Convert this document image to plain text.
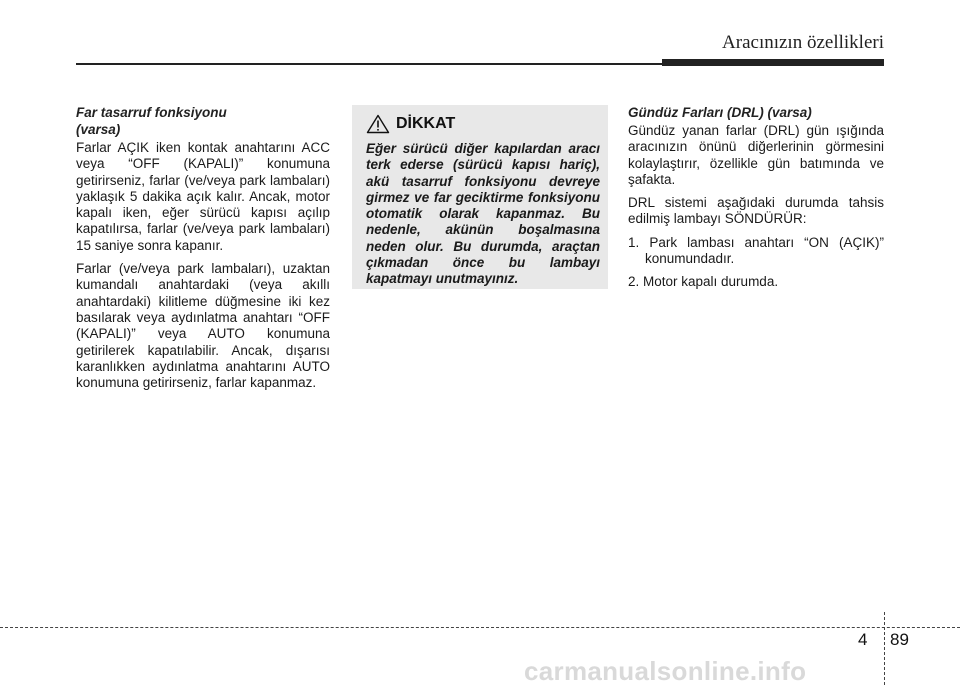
Aracınızın özellikleri
Far tasarruf fonksiyonu
(varsa)

Farlar AÇIK iken kontak anahtarını ACC veya “OFF (KAPALI)” konumuna getirirseniz, farlar (ve/veya park lambaları) yaklaşık 5 dakika açık kalır. Ancak, motor kapalı iken, eğer sürücü kapısı açılıp kapatılırsa, farlar (ve/veya park lambaları) 15 saniye sonra kapanır.

Farlar (ve/veya park lambaları), uzaktan kumandalı anahtardaki (veya akıllı anahtardaki) kilitleme düğmesine iki kez basılarak veya aydınlatma anahtarı “OFF (KAPALI)” veya AUTO konumuna getirilerek kapatılabilir. Ancak, dışarısı karanlıkken aydınlatma anahtarını AUTO konumuna getirirseniz, farlar kapanmaz.

DİKKAT

Eğer sürücü diğer kapılardan aracı terk ederse (sürücü kapısı hariç), akü tasarruf fonksiyonu devreye girmez ve far geciktirme fonksiyonu otomatik olarak kapanmaz. Bu nedenle, akünün boşalmasına neden olur. Bu durumda, araçtan çıkmadan önce bu lambayı kapatmayı unutmayınız.

Gündüz Farları (DRL) (varsa)

Gündüz yanan farlar (DRL) gün ışığında aracınızın önünü diğerlerinin görmesini kolaylaştırır, özellikle gün batımında ve şafakta.

DRL sistemi aşağıdaki durumda tahsis edilmiş lambayı SÖNDÜRÜR:

1. Park lambası anahtarı “ON (AÇIK)” konumundadır.
2. Motor kapalı durumda.
4 89
carmanualsonline.info
